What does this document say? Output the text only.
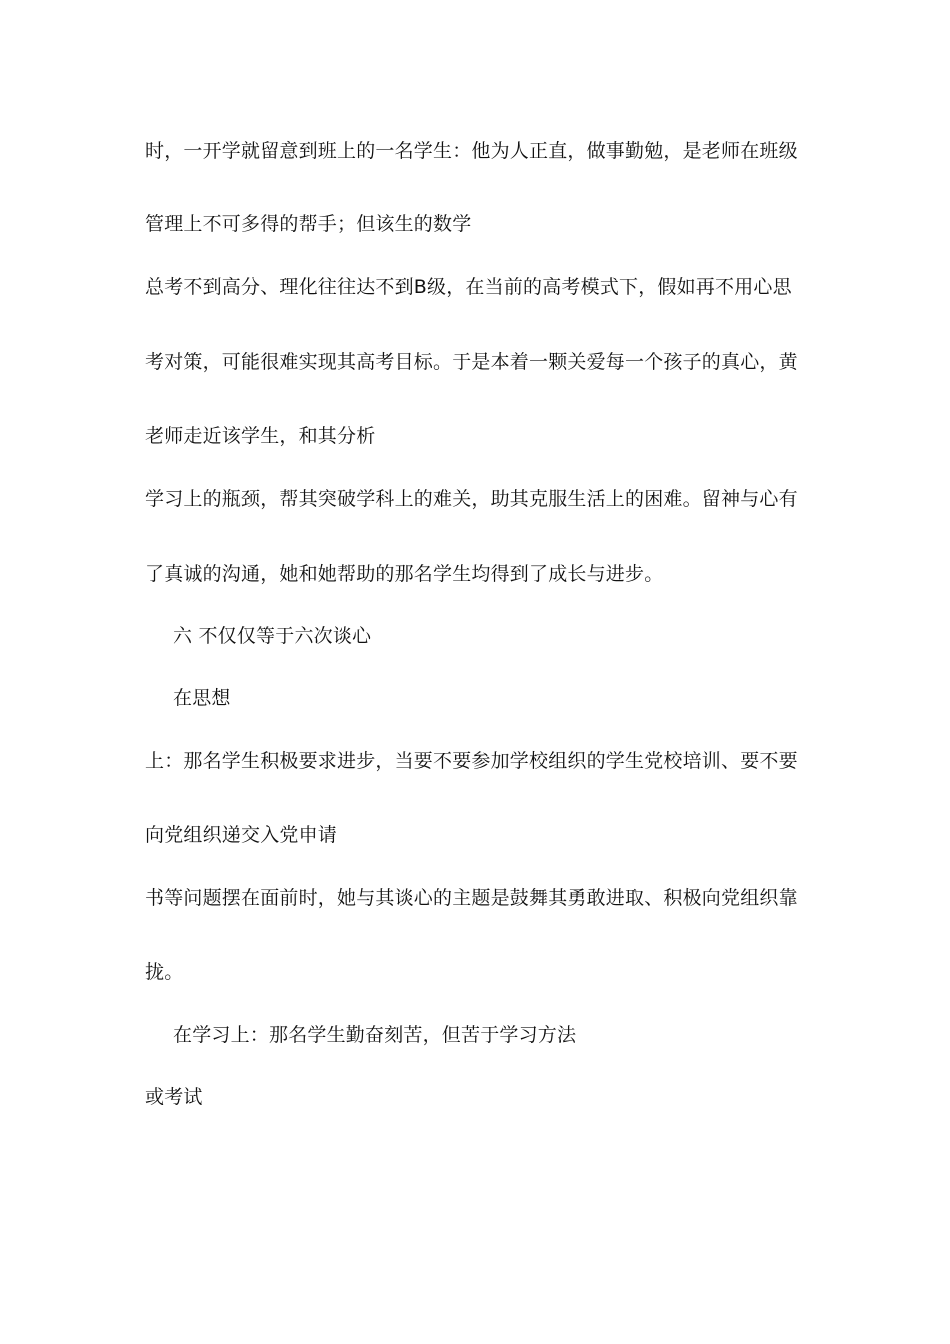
时，一开学就留意到班上的一名学生：他为人正直，做事勤勉，是老师在班级
管理上不可多得的帮手；但该生的数学
总考不到高分、理化往往达不到B级，在当前的高考模式下，假如再不用心思
考对策，可能很难实现其高考目标。于是本着一颗关爱每一个孩子的真心，黄
老师走近该学生，和其分析
学习上的瓶颈，帮其突破学科上的难关，助其克服生活上的困难。留神与心有
了真诚的沟通，她和她帮助的那名学生均得到了成长与进步。
六 不仅仅等于六次谈心
在思想
上：那名学生积极要求进步，当要不要参加学校组织的学生党校培训、要不要
向党组织递交入党申请
书等问题摆在面前时，她与其谈心的主题是鼓舞其勇敢进取、积极向党组织靠
拢。
在学习上：那名学生勤奋刻苦，但苦于学习方法
或考试
